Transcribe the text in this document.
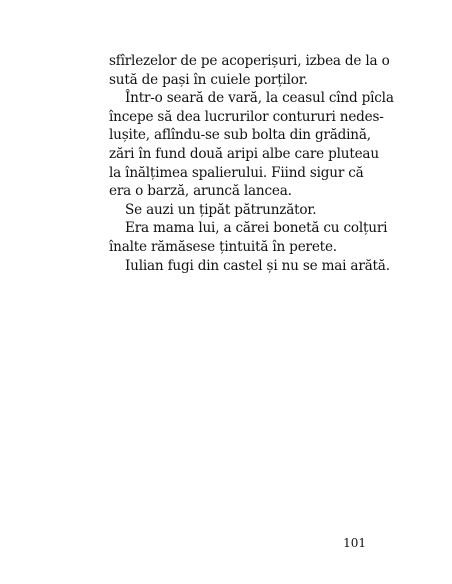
sfîrlezelor de pe acoperișuri, izbea de la o
sută de pași în cuiele porților.
Într-o seară de vară, la ceasul cînd pîcla
începe să dea lucrurilor contururi nedes-
lușite, aflîndu-se sub bolta din grădină,
zări în fund două aripi albe care pluteau
la înălțimea spalierului. Fiind sigur că
era o barză, aruncă lancea.
Se auzi un țipăt pătrunzător.
Era mama lui, a cărei bonetă cu colțuri
înalte rămăsese țintuită în perete.
Iulian fugi din castel și nu se mai arătă.
101
